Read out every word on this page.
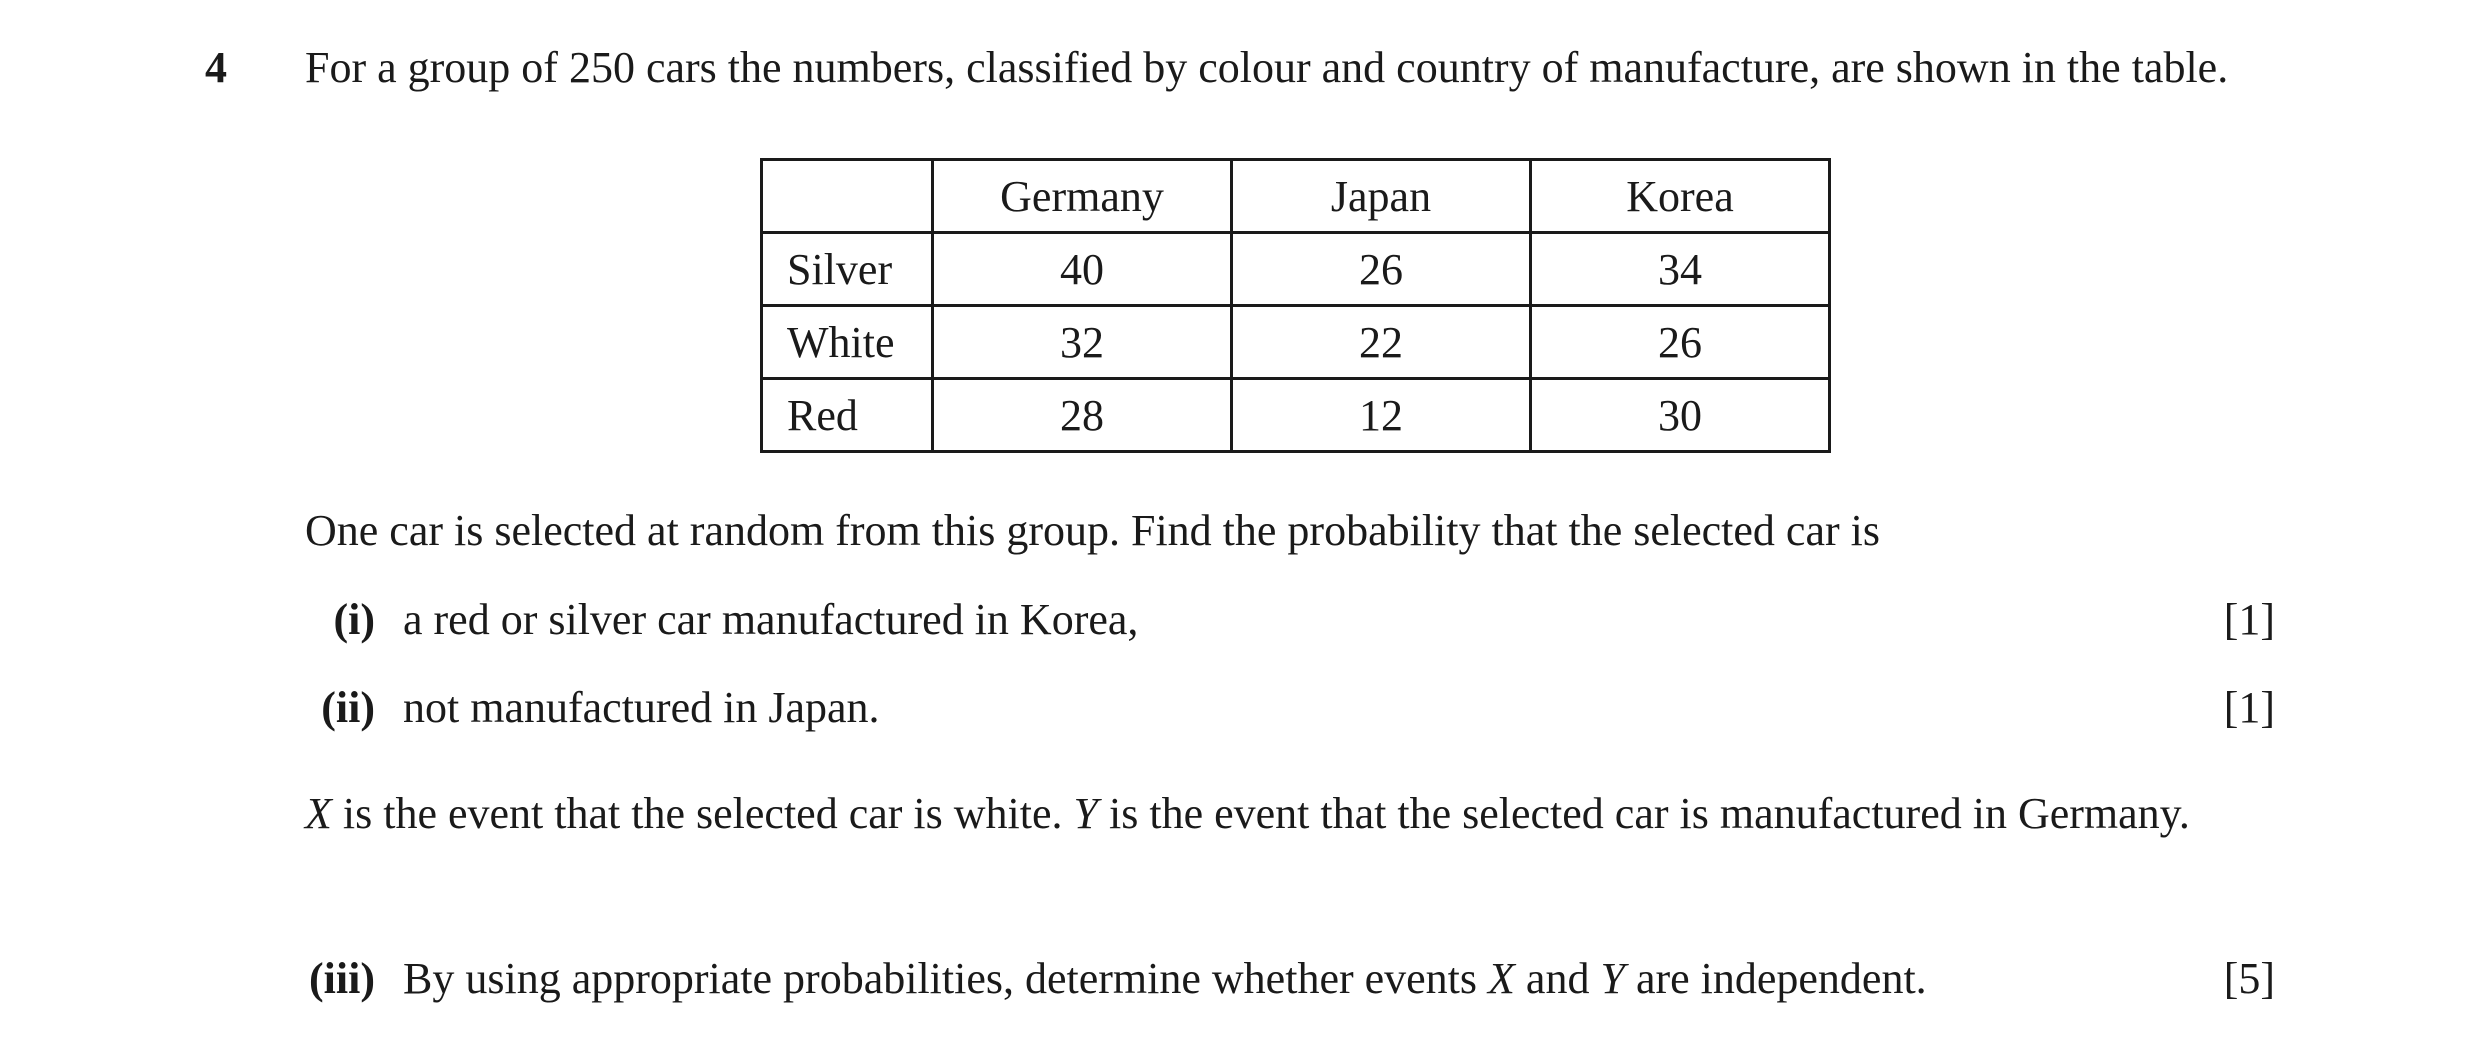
4 For a group of 250 cars the numbers, classified by colour and country of manufacture, are shown in the table.
	Germany	Japan	Korea
Silver	40	26	34
White	32	22	26
Red	28	12	30
One car is selected at random from this group. Find the probability that the selected car is
(i) a red or silver car manufactured in Korea,	[1]
(ii) not manufactured in Japan.	[1]
X is the event that the selected car is white. Y is the event that the selected car is manufactured in Germany.
(iii) By using appropriate probabilities, determine whether events X and Y are independent.	[5]
